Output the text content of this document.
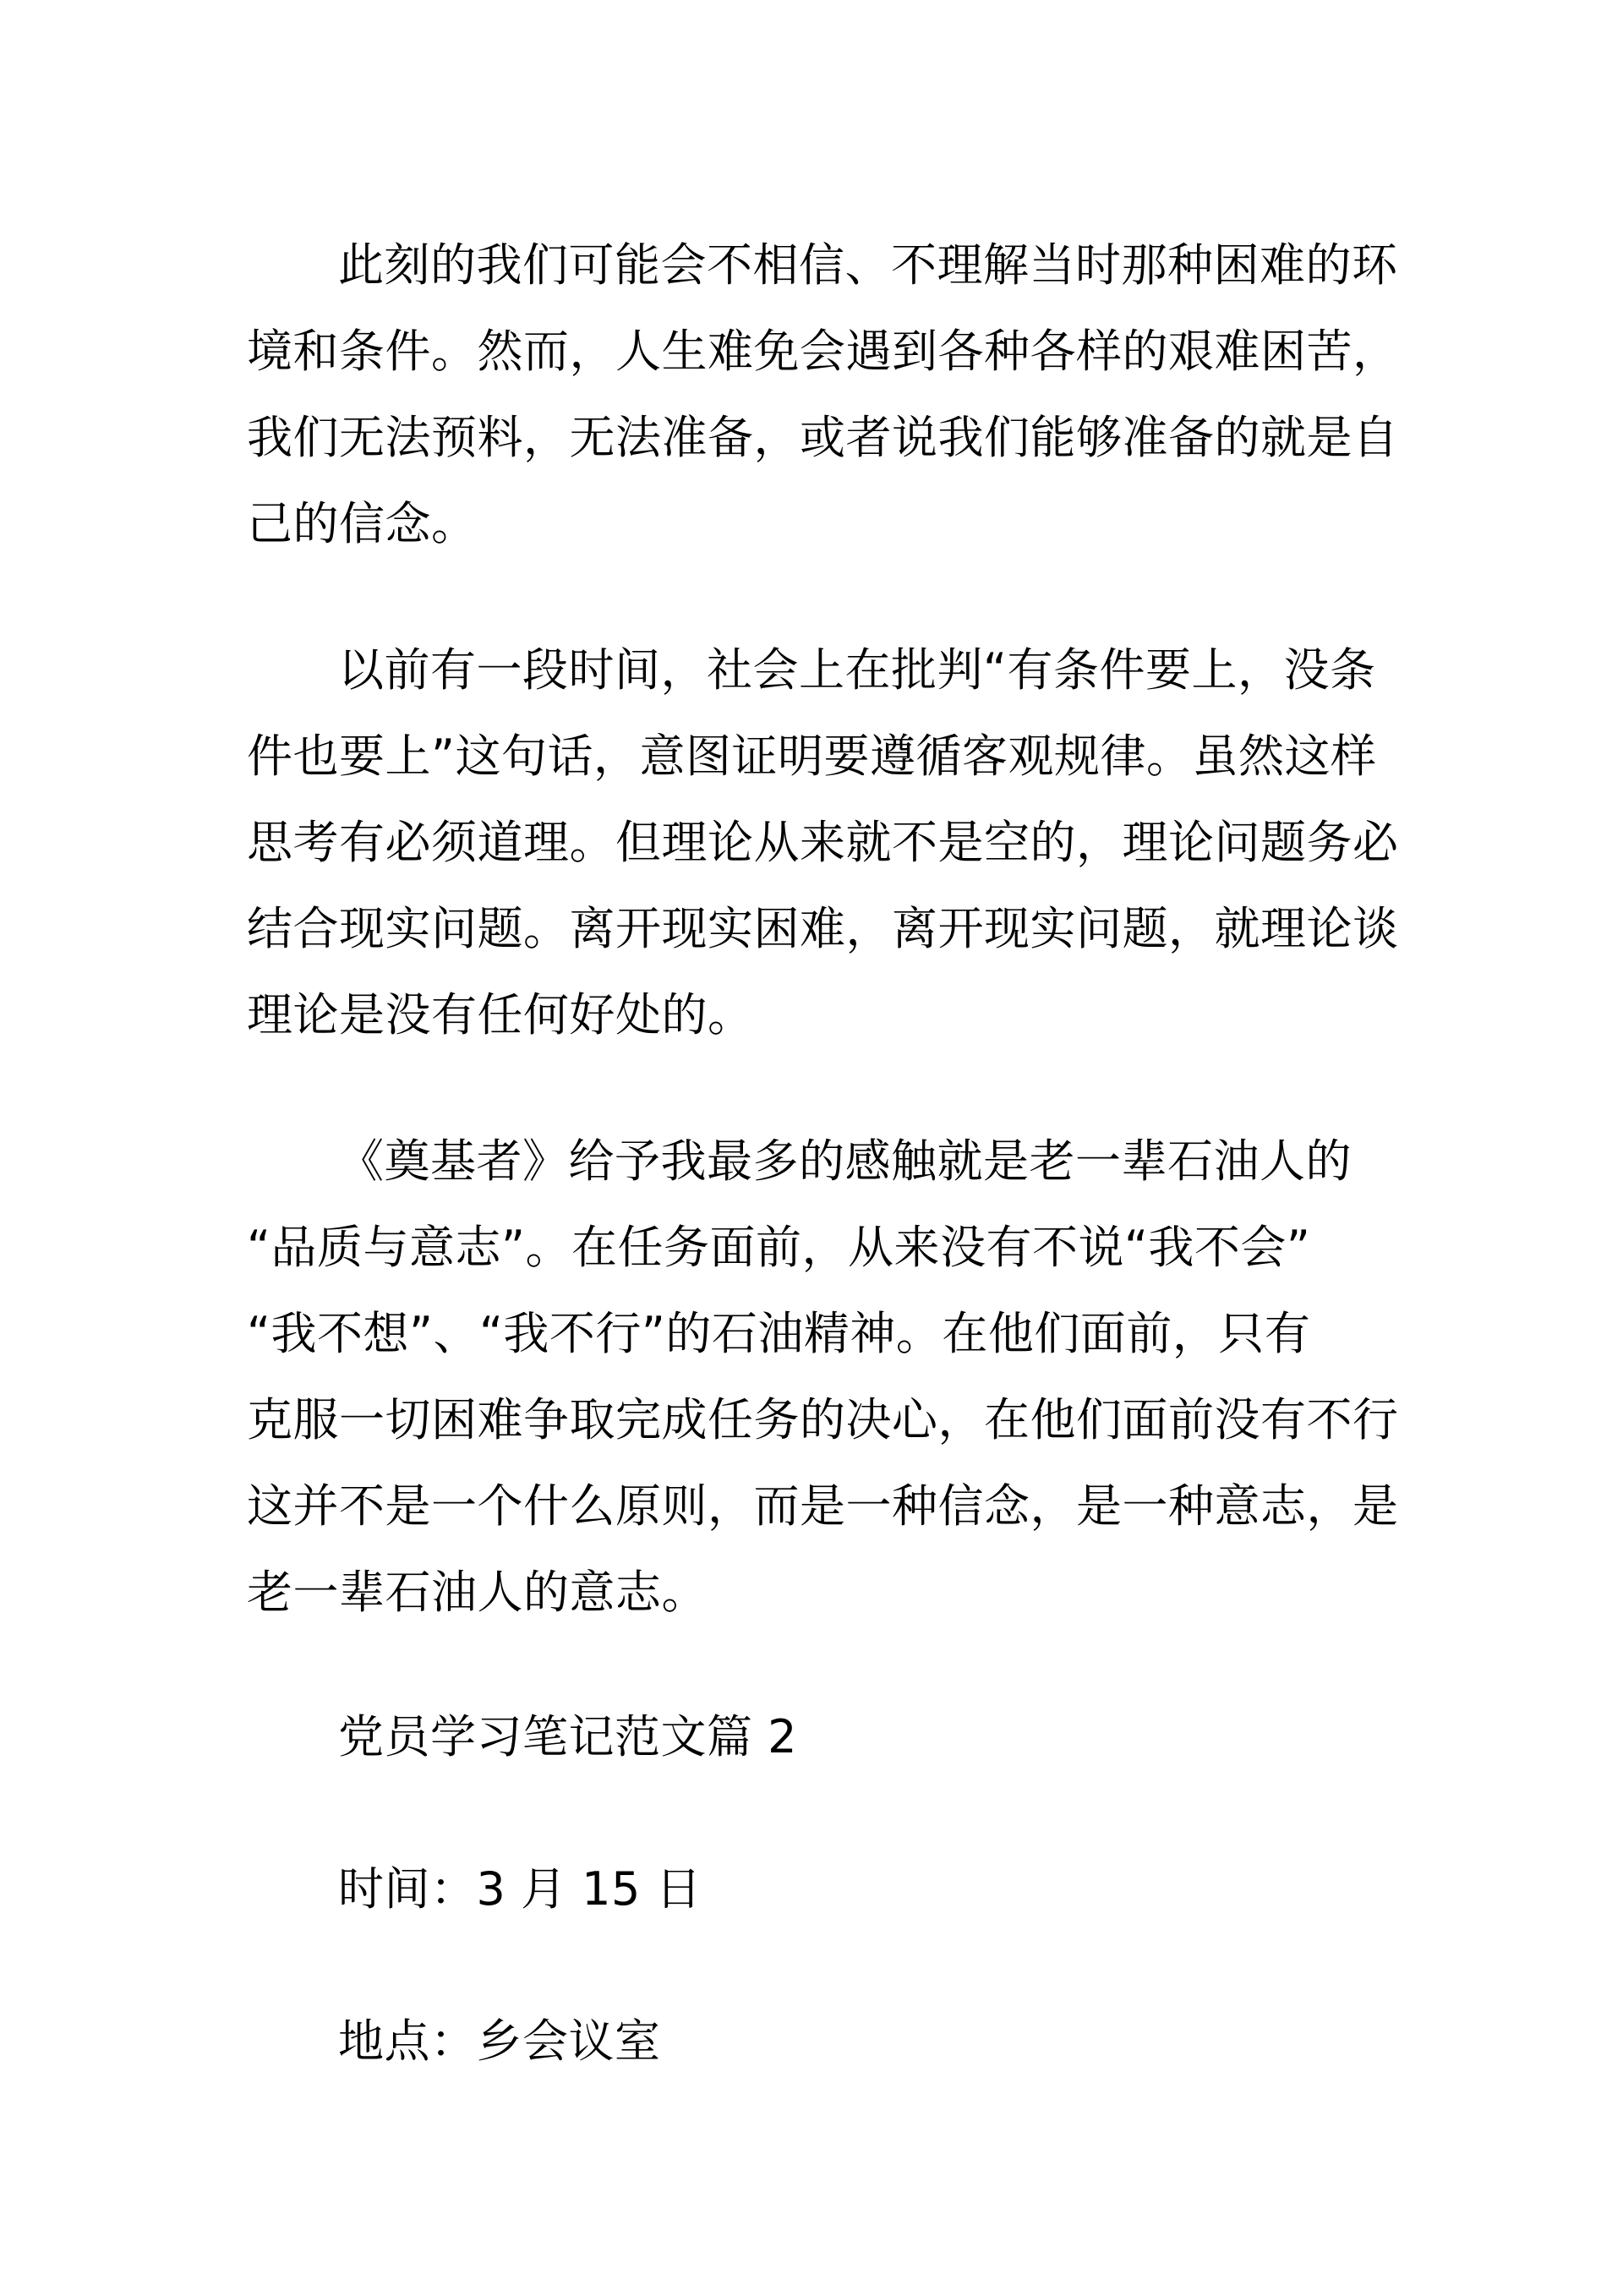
此刻的我们可能会不相信、不理解当时那种困难的环
境和条件。然而，人生难免会遇到各种各样的艰难困苦，
我们无法预料，无法准备，或者说我们能够准备的就是自
己的信念。
以前有一段时间，社会上在批判“有条件要上，没条
件也要上”这句话，意图证明要遵循客观规律。虽然这样
思考有必须道理。但理论从来就不是空的，理论问题务必
结合现实问题。离开现实困难，离开现实问题，就理论谈
理论是没有任何好处的。
《奠基者》给予我最多的感触就是老一辈石油人的
“品质与意志”。在任务面前，从来没有不说“我不会”
“我不想”、“我不行”的石油精神。在他们面前，只有
克服一切困难争取完成任务的决心，在他们面前没有不行
这并不是一个什么原则，而是一种信念，是一种意志，是
老一辈石油人的意志。
党员学习笔记范文篇 2
时间：3 月 15 日
地点：乡会议室
